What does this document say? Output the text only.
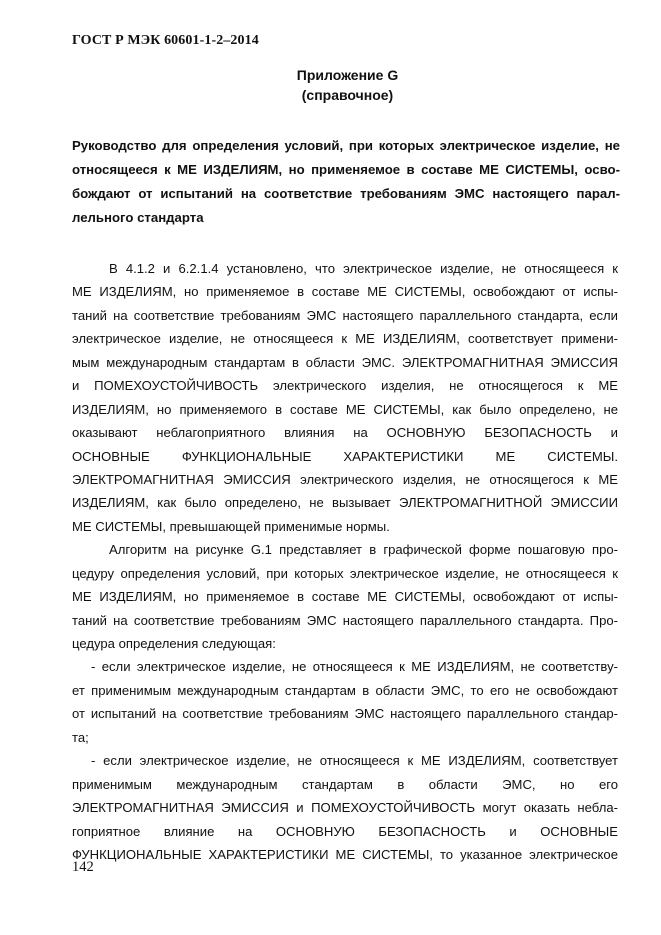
ГОСТ Р МЭК 60601-1-2–2014
Приложение G
(справочное)
Руководство для определения условий, при которых электрическое изделие, не
относящееся к МЕ ИЗДЕЛИЯМ, но применяемое в составе МЕ СИСТЕМЫ, осво-
бождают от испытаний на соответствие требованиям ЭМС настоящего парал-
лельного стандарта
В 4.1.2 и 6.2.1.4 установлено, что электрическое изделие, не относящееся к
МЕ ИЗДЕЛИЯМ, но применяемое в составе МЕ СИСТЕМЫ, освобождают от испы-
таний на соответствие требованиям ЭМС настоящего параллельного стандарта, если
электрическое изделие, не относящееся к МЕ ИЗДЕЛИЯМ, соответствует примени-
мым международным стандартам в области ЭМС. ЭЛЕКТРОМАГНИТНАЯ ЭМИССИЯ
и ПОМЕХОУСТОЙЧИВОСТЬ электрического изделия, не относящегося к МЕ
ИЗДЕЛИЯМ, но применяемого в составе МЕ СИСТЕМЫ, как было определено, не
оказывают неблагоприятного влияния на ОСНОВНУЮ БЕЗОПАСНОСТЬ и
ОСНОВНЫЕ ФУНКЦИОНАЛЬНЫЕ ХАРАКТЕРИСТИКИ МЕ СИСТЕМЫ.
ЭЛЕКТРОМАГНИТНАЯ ЭМИССИЯ электрического изделия, не относящегося к МЕ
ИЗДЕЛИЯМ, как было определено, не вызывает ЭЛЕКТРОМАГНИТНОЙ ЭМИССИИ
МЕ СИСТЕМЫ, превышающей применимые нормы.
Алгоритм на рисунке G.1 представляет в графической форме пошаговую про-
цедуру определения условий, при которых электрическое изделие, не относящееся к
МЕ ИЗДЕЛИЯМ, но применяемое в составе МЕ СИСТЕМЫ, освобождают от испы-
таний на соответствие требованиям ЭМС настоящего параллельного стандарта. Про-
цедура определения следующая:
- если электрическое изделие, не относящееся к МЕ ИЗДЕЛИЯМ, не соответству-
ет применимым международным стандартам в области ЭМС, то его не освобождают
от испытаний на соответствие требованиям ЭМС настоящего параллельного стандар-
та;
- если электрическое изделие, не относящееся к МЕ ИЗДЕЛИЯМ, соответствует
применимым международным стандартам в области ЭМС, но его
ЭЛЕКТРОМАГНИТНАЯ ЭМИССИЯ и ПОМЕХОУСТОЙЧИВОСТЬ могут оказать небла-
гоприятное влияние на ОСНОВНУЮ БЕЗОПАСНОСТЬ и ОСНОВНЫЕ
ФУНКЦИОНАЛЬНЫЕ ХАРАКТЕРИСТИКИ МЕ СИСТЕМЫ, то указанное электрическое
142
